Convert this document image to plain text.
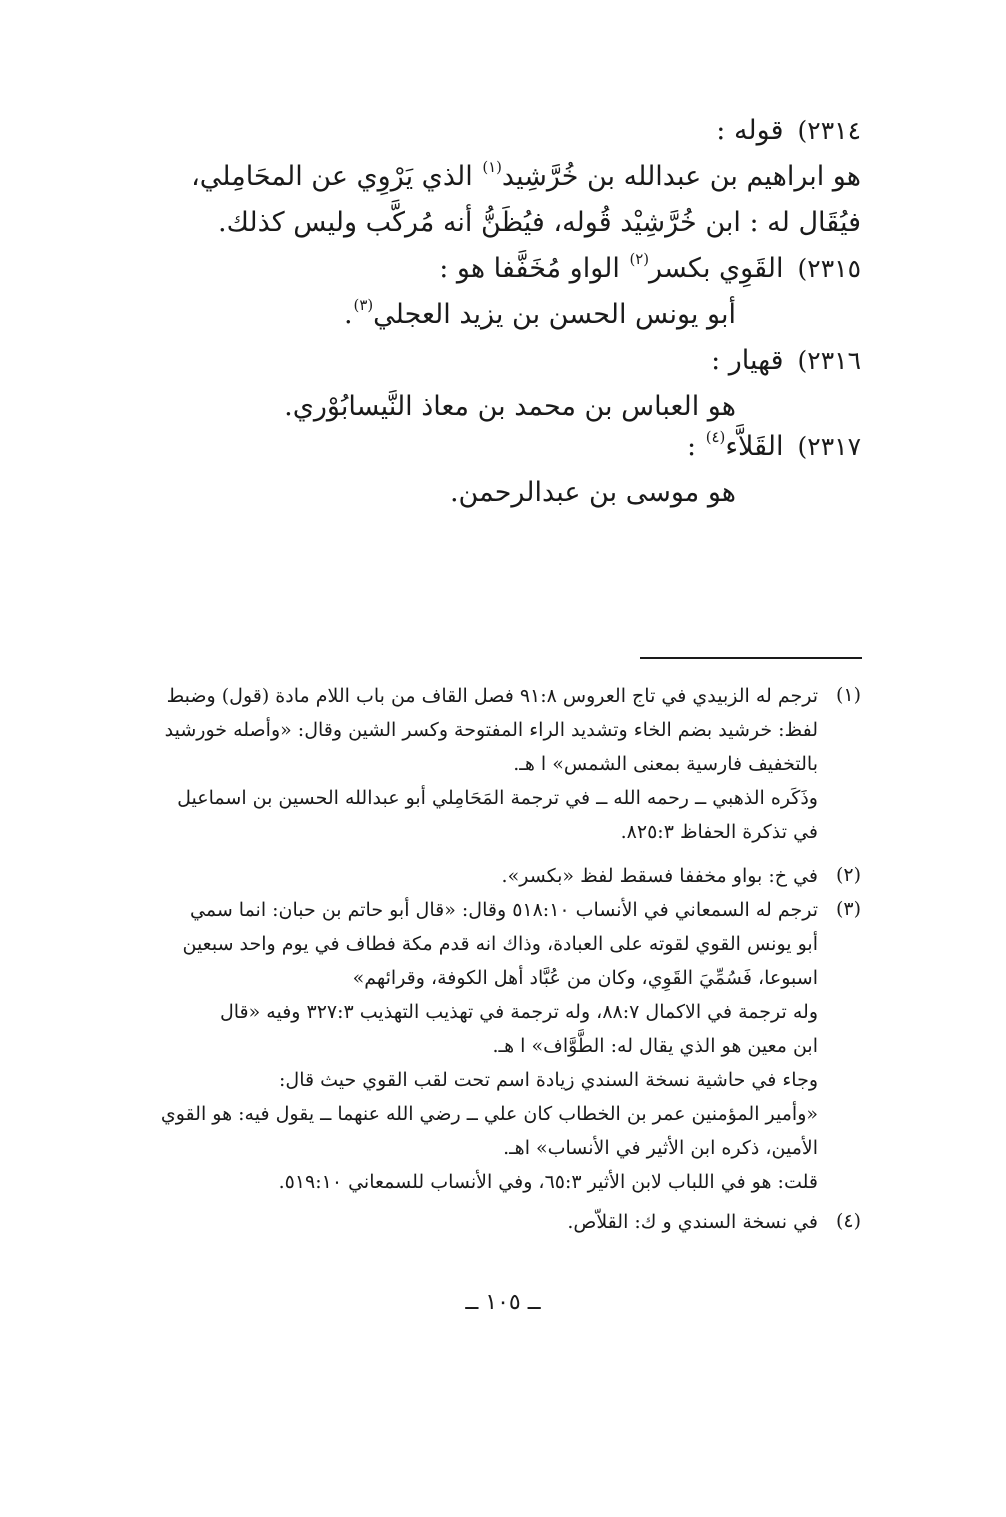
٢٣١٤)
قوله :
هو ابراهيم بن عبدالله بن خُرَّشِيد$^{(١)}$ الذي يَرْوِي عن المحَامِلي،
فيُقَال له : ابن خُرَّشِيْد قُوله، فيُظَنُّ أنه مُركَّب وليس كذلك.
٢٣١٥)
القَوِي بكسر$^{(٢)}$ الواو مُخَفَّفا هو :
أبو يونس الحسن بن يزيد العجلي$^{(٣)}$.
٢٣١٦)
قهيار :
هو العباس بن محمد بن معاذ النَّيسابُوْري.
٢٣١٧)
القَلاَّء$^{(٤)}$ :
هو موسى بن عبدالرحمن.
(١)
ترجم له الزبيدي في تاج العروس ٩١:٨ فصل القاف من باب اللام مادة (قول) وضبط
لفظ: خرشيد بضم الخاء وتشديد الراء المفتوحة وكسر الشين وقال: «وأصله خورشيد
بالتخفيف فارسية بمعنى الشمس» ا هـ.
وذَكَره الذهبي ــ رحمه الله ــ في ترجمة المَحَامِلي أبو عبدالله الحسين بن اسماعيل
في تذكرة الحفاظ ٨٢٥:٣.
(٢)
في خ: بواو مخففا فسقط لفظ «بكسر».
(٣)
ترجم له السمعاني في الأنساب ٥١٨:١٠ وقال: «قال أبو حاتم بن حبان: انما سمي
أبو يونس القوي لقوته على العبادة، وذاك انه قدم مكة فطاف في يوم واحد سبعين
اسبوعا، فَسُمِّيَ القَوِي، وكان من عُبَّاد أهل الكوفة، وقرائهم»
وله ترجمة في الاكمال ٨٨:٧، وله ترجمة في تهذيب التهذيب ٣٢٧:٣ وفيه «قال
ابن معين هو الذي يقال له: الطَّوَّاف» ا هـ.
وجاء في حاشية نسخة السندي زيادة اسم تحت لقب القوي حيث قال:
«وأمير المؤمنين عمر بن الخطاب كان علي ــ رضي الله عنهما ــ يقول فيه: هو القوي
الأمين، ذكره ابن الأثير في الأنساب» اهـ.
قلت: هو في اللباب لابن الأثير ٦٥:٣، وفي الأنساب للسمعاني ٥١٩:١٠.
(٤)
في نسخة السندي و ك: القلاّص.
ــ ١٠٥ ــ
